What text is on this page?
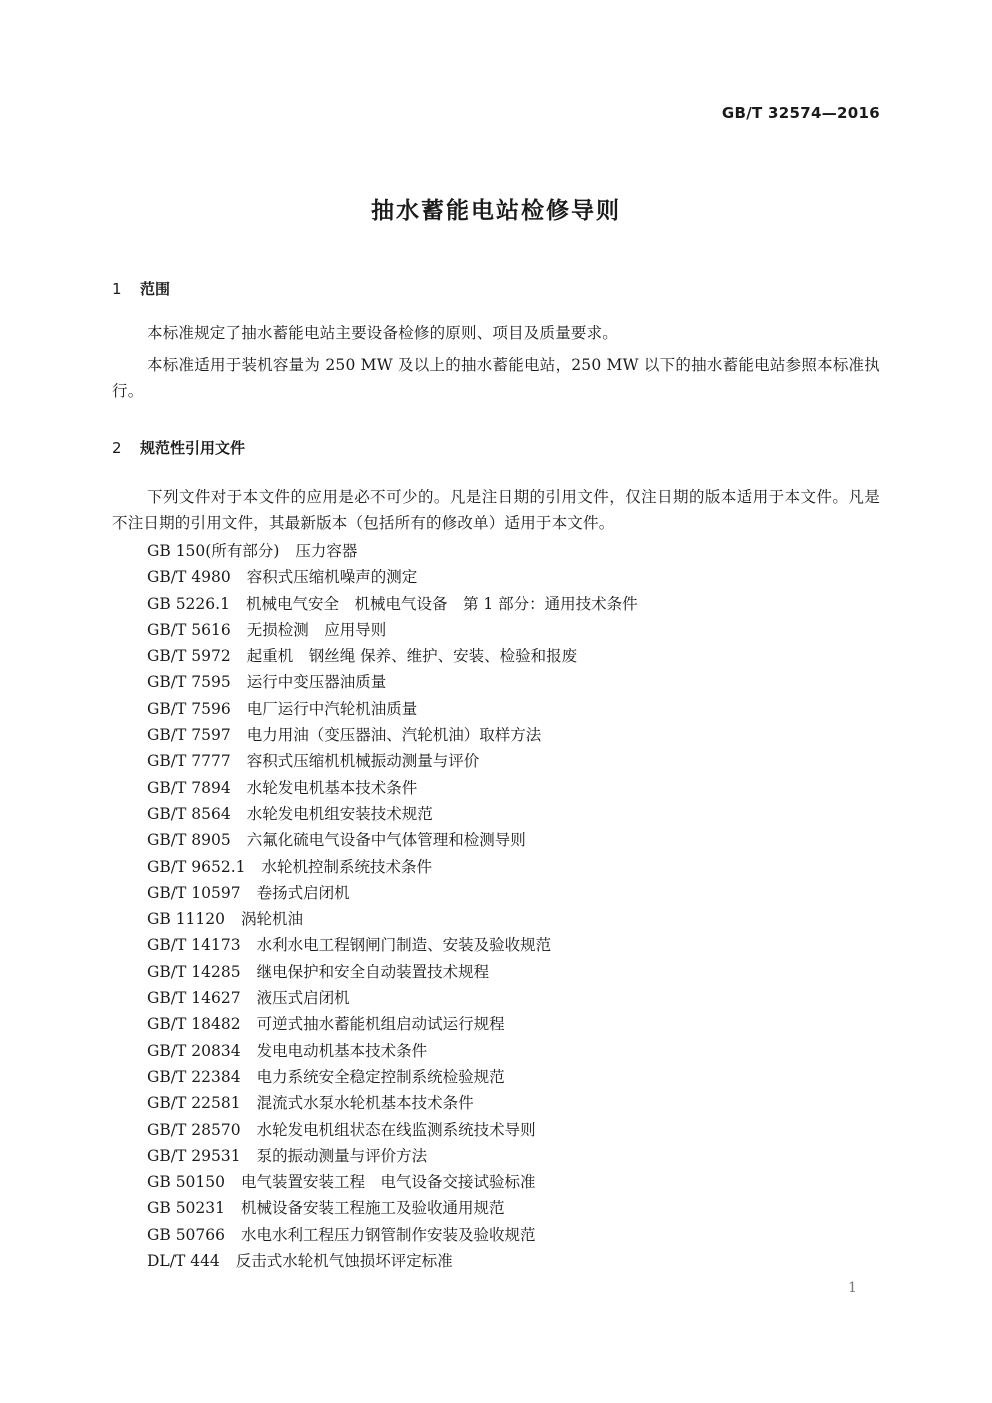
GB/T 32574—2016
抽水蓄能电站检修导则
1 范围
本标准规定了抽水蓄能电站主要设备检修的原则、项目及质量要求。
本标准适用于装机容量为 250 MW 及以上的抽水蓄能电站，250 MW 以下的抽水蓄能电站参照本标准执行。
2 规范性引用文件
下列文件对于本文件的应用是必不可少的。凡是注日期的引用文件，仅注日期的版本适用于本文件。凡是不注日期的引用文件，其最新版本（包括所有的修改单）适用于本文件。
GB 150(所有部分) 压力容器
GB/T 4980 容积式压缩机噪声的测定
GB 5226.1 机械电气安全　机械电气设备　第 1 部分：通用技术条件
GB/T 5616 无损检测　应用导则
GB/T 5972 起重机　钢丝绳 保养、维护、安装、检验和报废
GB/T 7595 运行中变压器油质量
GB/T 7596 电厂运行中汽轮机油质量
GB/T 7597 电力用油（变压器油、汽轮机油）取样方法
GB/T 7777 容积式压缩机机械振动测量与评价
GB/T 7894 水轮发电机基本技术条件
GB/T 8564 水轮发电机组安装技术规范
GB/T 8905 六氟化硫电气设备中气体管理和检测导则
GB/T 9652.1 水轮机控制系统技术条件
GB/T 10597 卷扬式启闭机
GB 11120 涡轮机油
GB/T 14173 水利水电工程钢闸门制造、安装及验收规范
GB/T 14285 继电保护和安全自动装置技术规程
GB/T 14627 液压式启闭机
GB/T 18482 可逆式抽水蓄能机组启动试运行规程
GB/T 20834 发电电动机基本技术条件
GB/T 22384 电力系统安全稳定控制系统检验规范
GB/T 22581 混流式水泵水轮机基本技术条件
GB/T 28570 水轮发电机组状态在线监测系统技术导则
GB/T 29531 泵的振动测量与评价方法
GB 50150 电气装置安装工程　电气设备交接试验标准
GB 50231 机械设备安装工程施工及验收通用规范
GB 50766 水电水利工程压力钢管制作安装及验收规范
DL/T 444 反击式水轮机气蚀损坏评定标准
1
